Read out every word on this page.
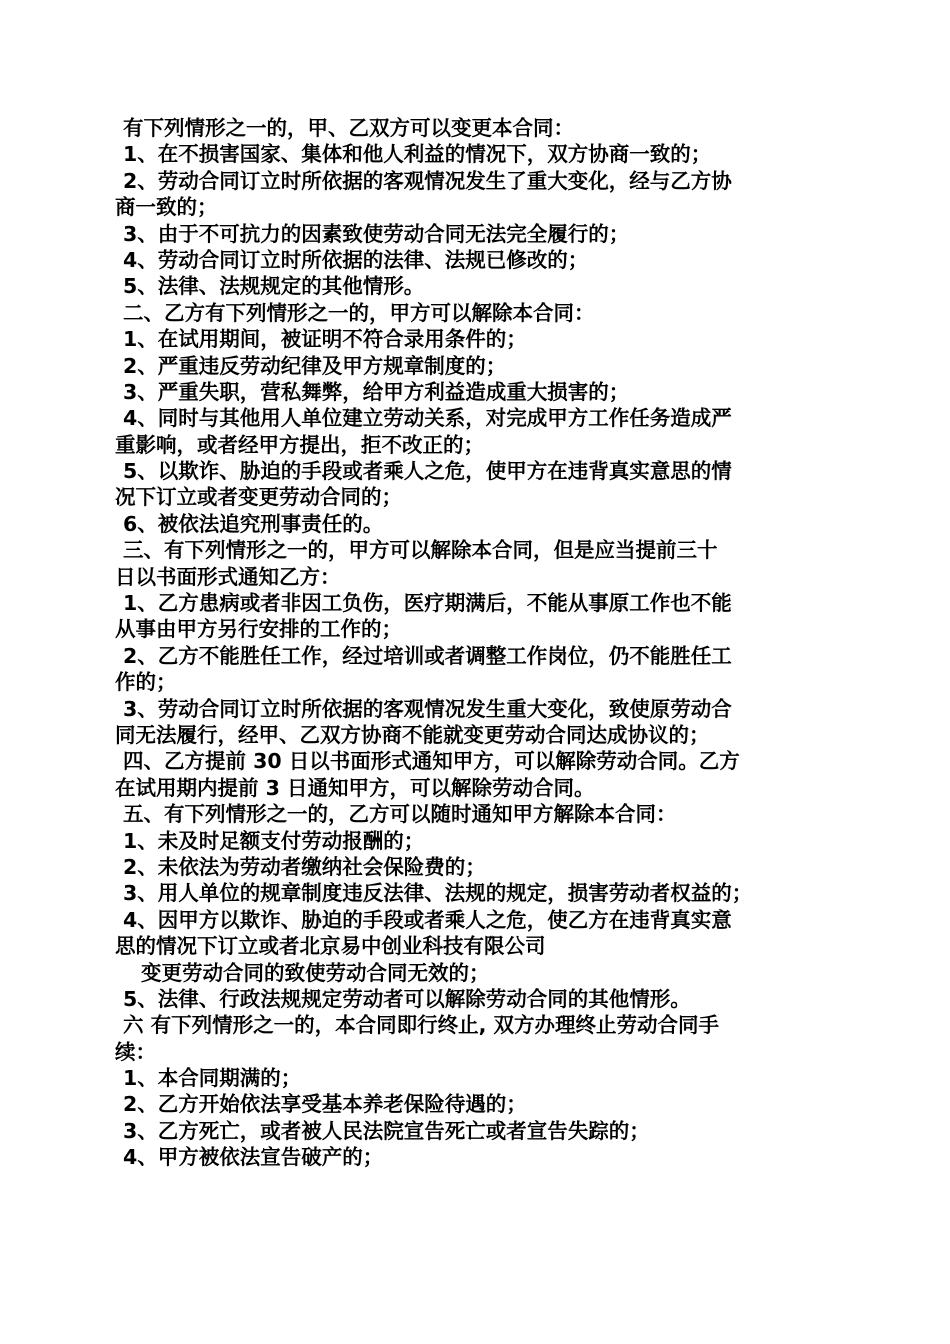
有下列情形之一的，甲、乙双方可以变更本合同：
1、在不损害国家、集体和他人利益的情况下，双方协商一致的；
2、劳动合同订立时所依据的客观情况发生了重大变化，经与乙方协
商一致的；
3、由于不可抗力的因素致使劳动合同无法完全履行的；
4、劳动合同订立时所依据的法律、法规已修改的；
5、法律、法规规定的其他情形。
二、乙方有下列情形之一的，甲方可以解除本合同：
1、在试用期间，被证明不符合录用条件的；
2、严重违反劳动纪律及甲方规章制度的；
3、严重失职，营私舞弊，给甲方利益造成重大损害的；
4、同时与其他用人单位建立劳动关系，对完成甲方工作任务造成严
重影响，或者经甲方提出，拒不改正的；
5、以欺诈、胁迫的手段或者乘人之危，使甲方在违背真实意思的情
况下订立或者变更劳动合同的；
6、被依法追究刑事责任的。
三、有下列情形之一的，甲方可以解除本合同，但是应当提前三十
日以书面形式通知乙方：
1、乙方患病或者非因工负伤，医疗期满后，不能从事原工作也不能
从事由甲方另行安排的工作的；
2、乙方不能胜任工作，经过培训或者调整工作岗位，仍不能胜任工
作的；
3、劳动合同订立时所依据的客观情况发生重大变化，致使原劳动合
同无法履行，经甲、乙双方协商不能就变更劳动合同达成协议的；
四、乙方提前 30 日以书面形式通知甲方，可以解除劳动合同。乙方
在试用期内提前 3 日通知甲方，可以解除劳动合同。
五、有下列情形之一的，乙方可以随时通知甲方解除本合同：
1、未及时足额支付劳动报酬的；
2、未依法为劳动者缴纳社会保险费的；
3、用人单位的规章制度违反法律、法规的规定，损害劳动者权益的；
4、因甲方以欺诈、胁迫的手段或者乘人之危，使乙方在违背真实意
思的情况下订立或者北京易中创业科技有限公司
变更劳动合同的致使劳动合同无效的；
5、法律、行政法规规定劳动者可以解除劳动合同的其他情形。
六 有下列情形之一的，本合同即行终止, 双方办理终止劳动合同手
续：
1、本合同期满的；
2、乙方开始依法享受基本养老保险待遇的；
3、乙方死亡，或者被人民法院宣告死亡或者宣告失踪的；
4、甲方被依法宣告破产的；
